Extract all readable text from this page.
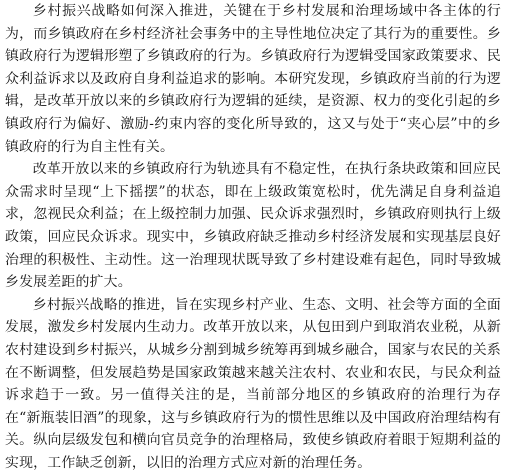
乡村振兴战略如何深入推进，关键在于乡村发展和治理场域中各主体的行为，而乡镇政府在乡村经济社会事务中的主导性地位决定了其行为的重要性。乡镇政府行为逻辑形塑了乡镇政府的行为。乡镇政府行为逻辑受国家政策要求、民众利益诉求以及政府自身利益追求的影响。本研究发现，乡镇政府当前的行为逻辑，是改革开放以来的乡镇政府行为逻辑的延续，是资源、权力的变化引起的乡镇政府行为偏好、激励-约束内容的变化所导致的，这又与处于“夹心层”中的乡镇政府的行为自主性有关。

改革开放以来的乡镇政府行为轨迹具有不稳定性，在执行条块政策和回应民众需求时呈现“上下摇摆”的状态，即在上级政策宽松时，优先满足自身利益追求，忽视民众利益；在上级控制力加强、民众诉求强烈时，乡镇政府则执行上级政策，回应民众诉求。现实中，乡镇政府缺乏推动乡村经济发展和实现基层良好治理的积极性、主动性。这一治理现状既导致了乡村建设难有起色，同时导致城乡发展差距的扩大。

乡村振兴战略的推进，旨在实现乡村产业、生态、文明、社会等方面的全面发展，激发乡村发展内生动力。改革开放以来，从包田到户到取消农业税，从新农村建设到乡村振兴，从城乡分割到城乡统筹再到城乡融合，国家与农民的关系在不断调整，但发展趋势是国家政策越来越关注农村、农业和农民，与民众利益诉求趋于一致。另一值得关注的是，当前部分地区的乡镇政府的治理行为存在“新瓶装旧酒”的现象，这与乡镇政府行为的惯性思维以及中国政府治理结构有关。纵向层级发包和横向官员竞争的治理格局，致使乡镇政府着眼于短期利益的实现，工作缺乏创新，以旧的治理方式应对新的治理任务。
